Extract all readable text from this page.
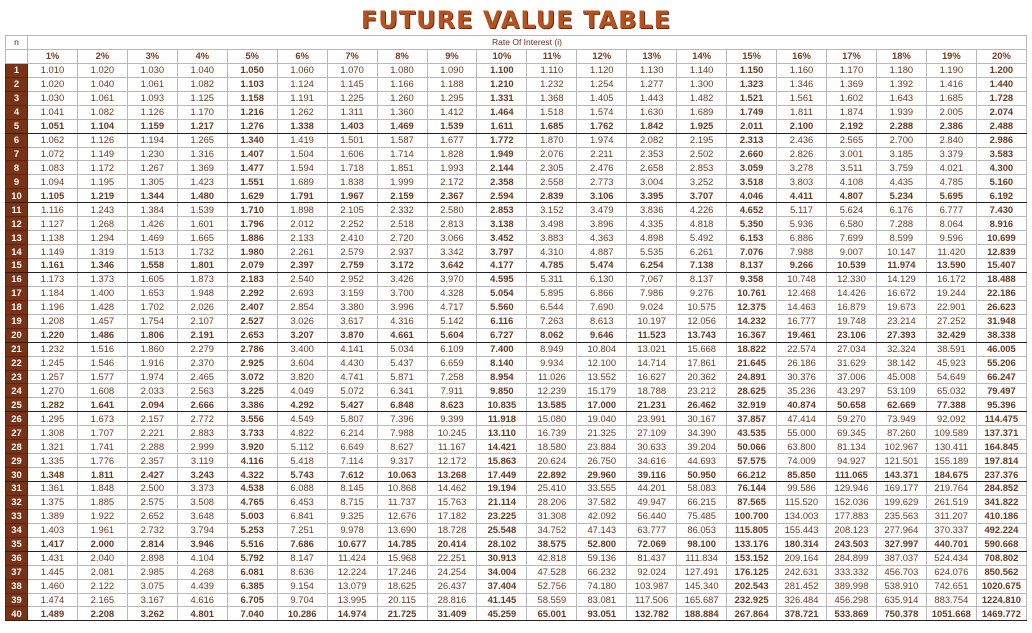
FUTURE VALUE TABLE
n	Rate Of Interest (i)																			
	1%	2%	3%	4%	5%	6%	7%	8%	9%	10%	11%	12%	13%	14%	15%	16%	17%	18%	19%	20%
1	1.010	1.020	1.030	1.040	1.050	1.060	1.070	1.080	1.090	1.100	1.110	1.120	1.130	1.140	1.150	1.160	1.170	1.180	1.190	1.200
2	1.020	1.040	1.061	1.082	1.103	1.124	1.145	1.166	1.188	1.210	1.232	1.254	1.277	1.300	1.323	1.346	1.369	1.392	1.416	1.440
3	1.030	1.061	1.093	1.125	1.158	1.191	1.225	1.260	1.295	1.331	1.368	1.405	1.443	1.482	1.521	1.561	1.602	1.643	1.685	1.728
4	1.041	1.082	1.126	1.170	1.216	1.262	1.311	1.360	1.412	1.464	1.518	1.574	1.630	1.689	1.749	1.811	1.874	1.939	2.005	2.074
5	1.051	1.104	1.159	1.217	1.276	1.338	1.403	1.469	1.539	1.611	1.685	1.762	1.842	1.925	2.011	2.100	2.192	2.288	2.386	2.488
6	1.062	1.126	1.194	1.265	1.340	1.419	1.501	1.587	1.677	1.772	1.870	1.974	2.082	2.195	2.313	2.436	2.565	2.700	2.840	2.986
7	1.072	1.149	1.230	1.316	1.407	1.504	1.606	1.714	1.828	1.949	2.076	2.211	2.353	2.502	2.660	2.826	3.001	3.185	3.379	3.583
8	1.083	1.172	1.267	1.369	1.477	1.594	1.718	1.851	1.993	2.144	2.305	2.476	2.658	2.853	3.059	3.278	3.511	3.759	4.021	4.300
9	1.094	1.195	1.305	1.423	1.551	1.689	1.838	1.999	2.172	2.358	2.558	2.773	3.004	3.252	3.518	3.803	4.108	4.435	4.785	5.160
10	1.105	1.219	1.344	1.480	1.629	1.791	1.967	2.159	2.367	2.594	2.839	3.106	3.395	3.707	4.046	4.411	4.807	5.234	5.695	6.192
11	1.116	1.243	1.384	1.539	1.710	1.898	2.105	2.332	2.580	2.853	3.152	3.479	3.836	4.226	4.652	5.117	5.624	6.176	6.777	7.430
12	1.127	1.268	1.426	1.601	1.796	2.012	2.252	2.518	2.813	3.138	3.498	3.896	4.335	4.818	5.350	5.936	6.580	7.288	8.064	8.916
13	1.138	1.294	1.469	1.665	1.886	2.133	2.410	2.720	3.066	3.452	3.883	4.363	4.898	5.492	6.153	6.886	7.699	8.599	9.596	10.699
14	1.149	1.319	1.513	1.732	1.980	2.261	2.579	2.937	3.342	3.797	4.310	4.887	5.535	6.261	7.076	7.988	9.007	10.147	11.420	12.839
15	1.161	1.346	1.558	1.801	2.079	2.397	2.759	3.172	3.642	4.177	4.785	5.474	6.254	7.138	8.137	9.266	10.539	11.974	13.590	15.407
16	1.173	1.373	1.605	1.873	2.183	2.540	2.952	3.426	3.970	4.595	5.311	6.130	7.067	8.137	9.358	10.748	12.330	14.129	16.172	18.488
17	1.184	1.400	1.653	1.948	2.292	2.693	3.159	3.700	4.328	5.054	5.895	6.866	7.986	9.276	10.761	12.468	14.426	16.672	19.244	22.186
18	1.196	1.428	1.702	2.026	2.407	2.854	3.380	3.996	4.717	5.560	6.544	7.690	9.024	10.575	12.375	14.463	16.879	19.673	22.901	26.623
19	1.208	1.457	1.754	2.107	2.527	3.026	3.617	4.316	5.142	6.116	7.263	8.613	10.197	12.056	14.232	16.777	19.748	23.214	27.252	31.948
20	1.220	1.486	1.806	2.191	2.653	3.207	3.870	4.661	5.604	6.727	8.062	9.646	11.523	13.743	16.367	19.461	23.106	27.393	32.429	38.338
21	1.232	1.516	1.860	2.279	2.786	3.400	4.141	5.034	6.109	7.400	8.949	10.804	13.021	15.668	18.822	22.574	27.034	32.324	38.591	46.005
22	1.245	1.546	1.916	2.370	2.925	3.604	4.430	5.437	6.659	8.140	9.934	12.100	14.714	17.861	21.645	26.186	31.629	38.142	45.923	55.206
23	1.257	1.577	1.974	2.465	3.072	3.820	4.741	5.871	7.258	8.954	11.026	13.552	16.627	20.362	24.891	30.376	37.006	45.008	54.649	66.247
24	1.270	1.608	2.033	2.563	3.225	4.049	5.072	6.341	7.911	9.850	12.239	15.179	18.788	23.212	28.625	35.236	43.297	53.109	65.032	79.497
25	1.282	1.641	2.094	2.666	3.386	4.292	5.427	6.848	8.623	10.835	13.585	17.000	21.231	26.462	32.919	40.874	50.658	62.669	77.388	95.396
26	1.295	1.673	2.157	2.772	3.556	4.549	5.807	7.396	9.399	11.918	15.080	19.040	23.991	30.167	37.857	47.414	59.270	73.949	92.092	114.475
27	1.308	1.707	2.221	2.883	3.733	4.822	6.214	7.988	10.245	13.110	16.739	21.325	27.109	34.390	43.535	55.000	69.345	87.260	109.589	137.371
28	1.321	1.741	2.288	2.999	3.920	5.112	6.649	8.627	11.167	14.421	18.580	23.884	30.633	39.204	50.066	63.800	81.134	102.967	130.411	164.845
29	1.335	1.776	2.357	3.119	4.116	5.418	7.114	9.317	12.172	15.863	20.624	26.750	34.616	44.693	57.575	74.009	94.927	121.501	155.189	197.814
30	1.348	1.811	2.427	3.243	4.322	5.743	7.612	10.063	13.268	17.449	22.892	29.960	39.116	50.950	66.212	85.850	111.065	143.371	184.675	237.376
31	1.361	1.848	2.500	3.373	4.538	6.088	8.145	10.868	14.462	19.194	25.410	33.555	44.201	58.083	76.144	99.586	129.946	169.177	219.764	284.852
32	1.375	1.885	2.575	3.508	4.765	6.453	8.715	11.737	15.763	21.114	28.206	37.582	49.947	66.215	87.565	115.520	152.036	199.629	261.519	341.822
33	1.389	1.922	2.652	3.648	5.003	6.841	9.325	12.676	17.182	23.225	31.308	42.092	56.440	75.485	100.700	134.003	177.883	235.563	311.207	410.186
34	1.403	1.961	2.732	3.794	5.253	7.251	9.978	13.690	18.728	25.548	34.752	47.143	63.777	86.053	115.805	155.443	208.123	277.964	370.337	492.224
35	1.417	2.000	2.814	3.946	5.516	7.686	10.677	14.785	20.414	28.102	38.575	52.800	72.069	98.100	133.176	180.314	243.503	327.997	440.701	590.668
36	1.431	2.040	2.898	4.104	5.792	8.147	11.424	15.968	22.251	30.913	42.818	59.136	81.437	111.834	153.152	209.164	284.899	387.037	524.434	708.802
37	1.445	2.081	2.985	4.268	6.081	8.636	12.224	17.246	24.254	34.004	47.528	66.232	92.024	127.491	176.125	242.631	333.332	456.703	624.076	850.562
38	1.460	2.122	3.075	4.439	6.385	9.154	13.079	18.625	26.437	37.404	52.756	74.180	103.987	145.340	202.543	281.452	389.998	538.910	742.651	1020.675
39	1.474	2.165	3.167	4.616	6.705	9.704	13.995	20.115	28.816	41.145	58.559	83.081	117.506	165.687	232.925	326.484	456.298	635.914	883.754	1224.810
40	1.489	2.208	3.262	4.801	7.040	10.286	14.974	21.725	31.409	45.259	65.001	93.051	132.782	188.884	267.864	378.721	533.869	750.378	1051.668	1469.772
